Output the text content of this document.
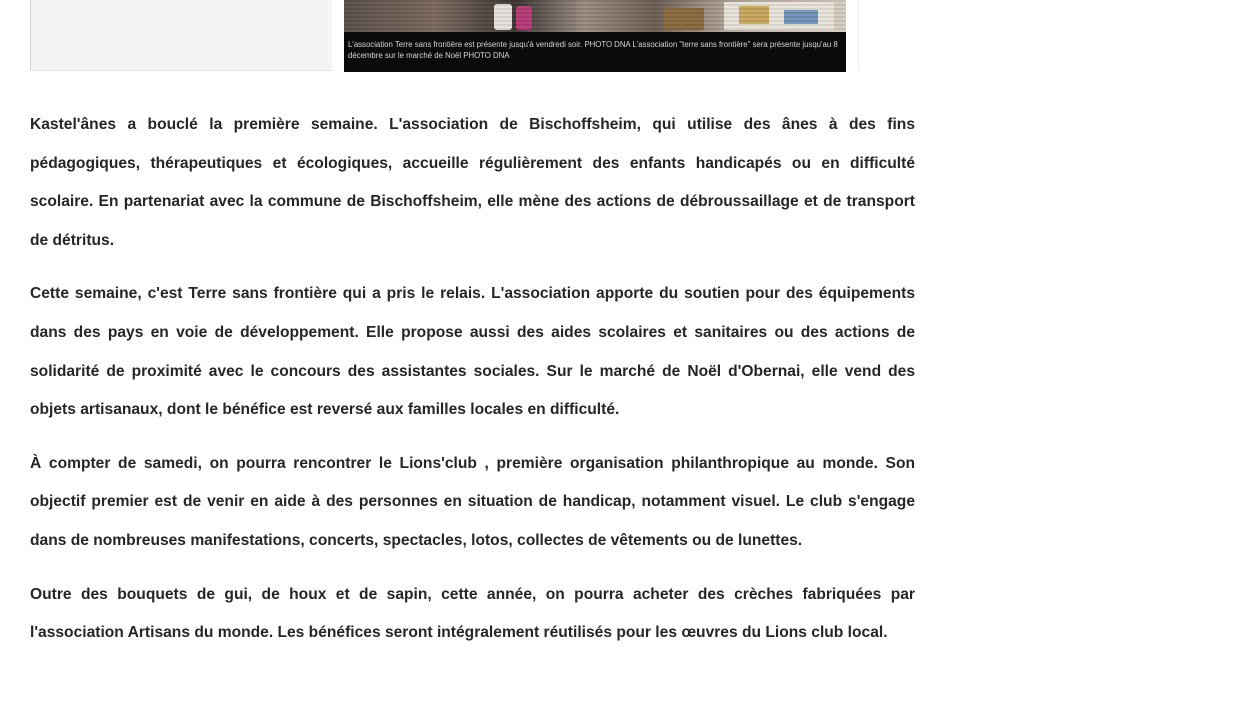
L'association Terre sans frontière est présente jusqu'à vendredi soir. PHOTO DNA L'association "terre sans frontière" sera présente jusqu'au 8 décembre sur le marché de Noël PHOTO DNA

Kastel'ânes a bouclé la première semaine. L'association de Bischoffsheim, qui utilise des ânes à des fins pédagogiques, thérapeutiques et écologiques, accueille régulièrement des enfants handicapés ou en difficulté scolaire. En partenariat avec la commune de Bischoffsheim, elle mène des actions de débroussaillage et de transport de détritus.

Cette semaine, c'est Terre sans frontière qui a pris le relais. L'association apporte du soutien pour des équipements dans des pays en voie de développement. Elle propose aussi des aides scolaires et sanitaires ou des actions de solidarité de proximité avec le concours des assistantes sociales. Sur le marché de Noël d'Obernai, elle vend des objets artisanaux, dont le bénéfice est reversé aux familles locales en difficulté.

À compter de samedi, on pourra rencontrer le Lions'club , première organisation philanthropique au monde. Son objectif premier est de venir en aide à des personnes en situation de handicap, notamment visuel. Le club s'engage dans de nombreuses manifestations, concerts, spectacles, lotos, collectes de vêtements ou de lunettes.

Outre des bouquets de gui, de houx et de sapin, cette année, on pourra acheter des crèches fabriquées par l'association Artisans du monde. Les bénéfices seront intégralement réutilisés pour les œuvres du Lions club local.
